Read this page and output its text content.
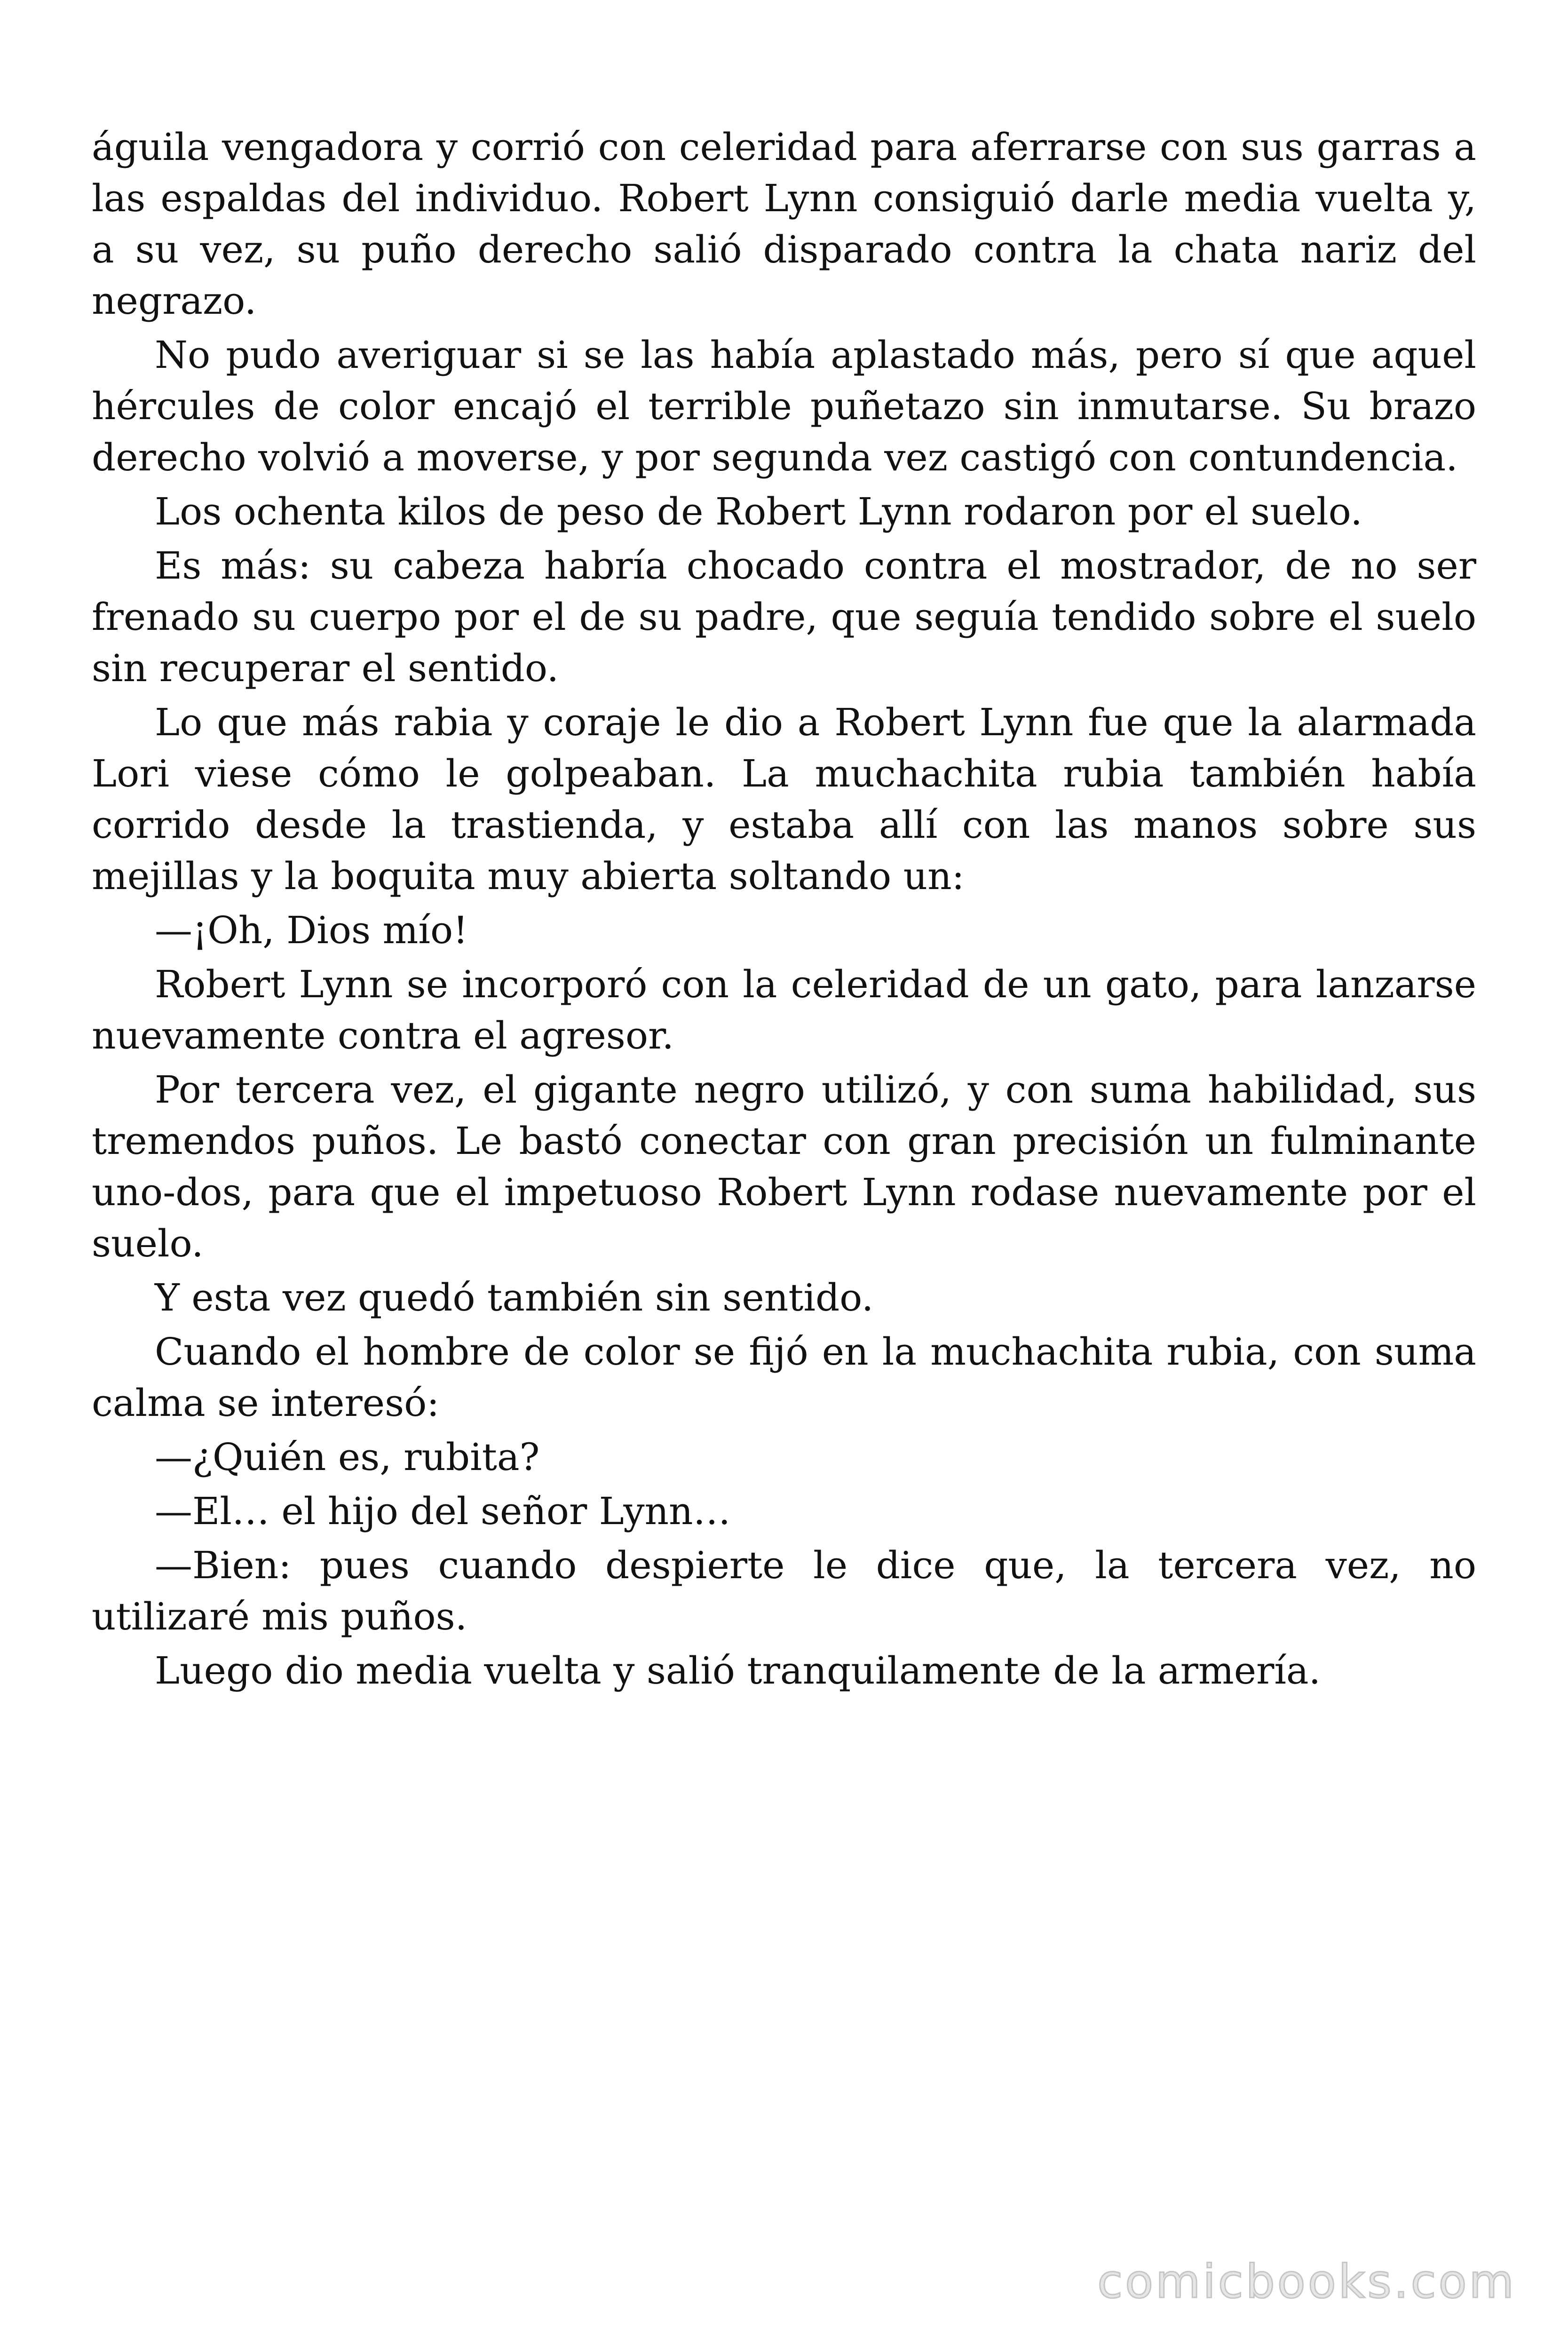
águila vengadora y corrió con celeridad para aferrarse con sus garras a las espaldas del individuo. Robert Lynn consiguió darle media vuelta y, a su vez, su puño derecho salió disparado contra la chata nariz del negrazo.

No pudo averiguar si se las había aplastado más, pero sí que aquel hércules de color encajó el terrible puñetazo sin inmutarse. Su brazo derecho volvió a moverse, y por segunda vez castigó con contundencia.

Los ochenta kilos de peso de Robert Lynn rodaron por el suelo.

Es más: su cabeza habría chocado contra el mostrador, de no ser frenado su cuerpo por el de su padre, que seguía tendido sobre el suelo sin recuperar el sentido.

Lo que más rabia y coraje le dio a Robert Lynn fue que la alarmada Lori viese cómo le golpeaban. La muchachita rubia también había corrido desde la trastienda, y estaba allí con las manos sobre sus mejillas y la boquita muy abierta soltando un:

—¡Oh, Dios mío!

Robert Lynn se incorporó con la celeridad de un gato, para lanzarse nuevamente contra el agresor.

Por tercera vez, el gigante negro utilizó, y con suma habilidad, sus tremendos puños. Le bastó conectar con gran precisión un fulminante uno-dos, para que el impetuoso Robert Lynn rodase nuevamente por el suelo.

Y esta vez quedó también sin sentido.

Cuando el hombre de color se fijó en la muchachita rubia, con suma calma se interesó:

—¿Quién es, rubita?

—El… el hijo del señor Lynn…

—Bien: pues cuando despierte le dice que, la tercera vez, no utilizaré mis puños.

Luego dio media vuelta y salió tranquilamente de la armería.

comicbooks.com
